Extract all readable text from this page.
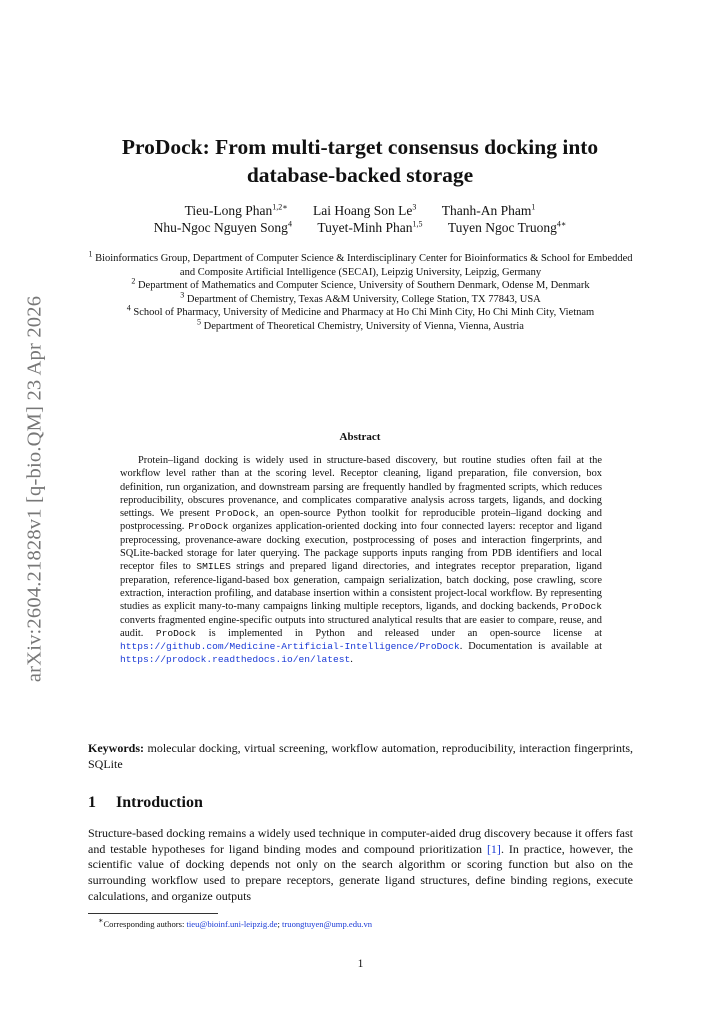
arXiv:2604.21828v1 [q-bio.QM] 23 Apr 2026
ProDock: From multi-target consensus docking into
database-backed storage
Tieu-Long Phan$^{1,2∗}$ Lai Hoang Son Le$^3$ Thanh-An Pham$^1$
Nhu-Ngoc Nguyen Song$^4$ Tuyet-Minh Phan$^{1,5}$ Tuyen Ngoc Truong$^{4∗}$
$^1$ Bioinformatics Group, Department of Computer Science & Interdisciplinary Center for Bioinformatics & School for Embedded and Composite Artificial Intelligence (SECAI), Leipzig University, Leipzig, Germany
$^2$ Department of Mathematics and Computer Science, University of Southern Denmark, Odense M, Denmark
$^3$ Department of Chemistry, Texas A&M University, College Station, TX 77843, USA
$^4$ School of Pharmacy, University of Medicine and Pharmacy at Ho Chi Minh City, Ho Chi Minh City, Vietnam
$^5$ Department of Theoretical Chemistry, University of Vienna, Vienna, Austria
Abstract
Protein–ligand docking is widely used in structure-based discovery, but routine studies often fail at the workflow level rather than at the scoring level. Receptor cleaning, ligand preparation, file conversion, box definition, run organization, and downstream parsing are frequently handled by fragmented scripts, which reduces reproducibility, obscures provenance, and complicates comparative analysis across targets, ligands, and docking settings. We present ProDock, an open-source Python toolkit for reproducible protein–ligand docking and postprocessing. ProDock organizes application-oriented docking into four connected layers: receptor and ligand preprocessing, provenance-aware docking execution, postprocessing of poses and interaction fingerprints, and SQLite-backed storage for later querying. The package supports inputs ranging from PDB identifiers and local receptor files to SMILES strings and prepared ligand directories, and integrates receptor preparation, ligand preparation, reference-ligand-based box generation, campaign serialization, batch docking, pose crawling, score extraction, interaction profiling, and database insertion within a consistent project-local workflow. By representing studies as explicit many-to-many campaigns linking multiple receptors, ligands, and docking backends, ProDock converts fragmented engine-specific outputs into structured analytical results that are easier to compare, reuse, and audit. ProDock is implemented in Python and released under an open-source license at https://github.com/Medicine-Artificial-Intelligence/ProDock. Documentation is available at https://prodock.readthedocs.io/en/latest.
Keywords: molecular docking, virtual screening, workflow automation, reproducibility, interaction fingerprints, SQLite
1 Introduction
Structure-based docking remains a widely used technique in computer-aided drug discovery because it offers fast and testable hypotheses for ligand binding modes and compound prioritization [1]. In practice, however, the scientific value of docking depends not only on the search algorithm or scoring function but also on the surrounding workflow used to prepare receptors, generate ligand structures, define binding regions, execute calculations, and organize outputs
∗Corresponding authors: tieu@bioinf.uni-leipzig.de; truongtuyen@ump.edu.vn
1
